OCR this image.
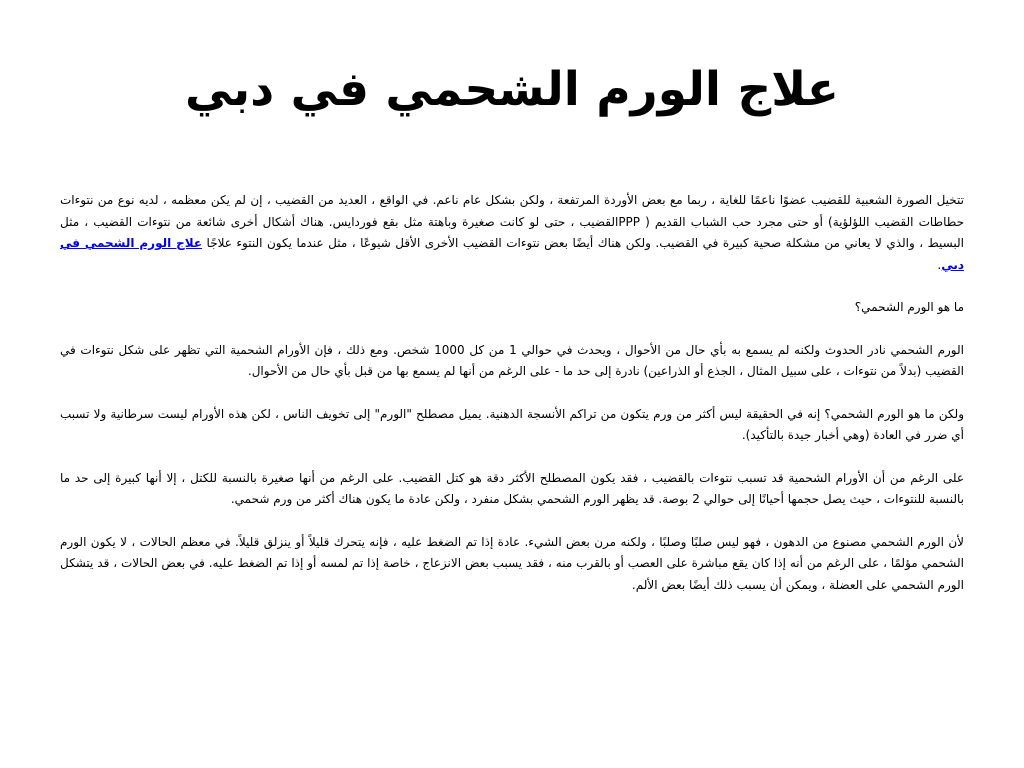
علاج الورم الشحمي في دبي

تتخيل الصورة الشعبية للقضيب عضوًا ناعمًا للغاية ، ربما مع بعض الأوردة المرتفعة ، ولكن بشكل عام ناعم. في الواقع ، العديد من القضيب ، إن لم يكن معظمه ، لديه نوع من نتوءات حطاطات القضيب اللؤلؤية) أو حتى مجرد حب الشباب القديم ( PPPالقضيب ، حتى لو كانت صغيرة وباهتة مثل بقع فوردايس. هناك أشكال أخرى شائعة من نتوءات القضيب ، مثل البسيط ، والذي لا يعاني من مشكلة صحية كبيرة في القضيب. ولكن هناك أيضًا بعض نتوءات القضيب الأخرى الأقل شيوعًا ، مثل عندما يكون النتوء علاجًا علاج الورم الشحمي في دبي.

ما هو الورم الشحمي؟

الورم الشحمي نادر الحدوث ولكنه لم يسمع به بأي حال من الأحوال ، ويحدث في حوالي 1 من كل 1000 شخص. ومع ذلك ، فإن الأورام الشحمية التي تظهر على شكل نتوءات في القضيب (بدلاً من نتوءات ، على سبيل المثال ، الجذع أو الذراعين) نادرة إلى حد ما - على الرغم من أنها لم يسمع بها من قبل بأي حال من الأحوال.

ولكن ما هو الورم الشحمي؟ إنه في الحقيقة ليس أكثر من ورم يتكون من تراكم الأنسجة الدهنية. يميل مصطلح "الورم" إلى تخويف الناس ، لكن هذه الأورام ليست سرطانية ولا تسبب أي ضرر في العادة (وهي أخبار جيدة بالتأكيد).

على الرغم من أن الأورام الشحمية قد تسبب نتوءات بالقضيب ، فقد يكون المصطلح الأكثر دقة هو كتل القضيب. على الرغم من أنها صغيرة بالنسبة للكتل ، إلا أنها كبيرة إلى حد ما بالنسبة للنتوءات ، حيث يصل حجمها أحيانًا إلى حوالي 2 بوصة. قد يظهر الورم الشحمي بشكل منفرد ، ولكن عادة ما يكون هناك أكثر من ورم شحمي.

لأن الورم الشحمي مصنوع من الدهون ، فهو ليس صلبًا وصلبًا ، ولكنه مرن بعض الشيء. عادة إذا تم الضغط عليه ، فإنه يتحرك قليلاً أو ينزلق قليلاً. في معظم الحالات ، لا يكون الورم الشحمي مؤلمًا ، على الرغم من أنه إذا كان يقع مباشرة على العصب أو بالقرب منه ، فقد يسبب بعض الانزعاج ، خاصة إذا تم لمسه أو إذا تم الضغط عليه. في بعض الحالات ، قد يتشكل الورم الشحمي على العضلة ، ويمكن أن يسبب ذلك أيضًا بعض الألم.
